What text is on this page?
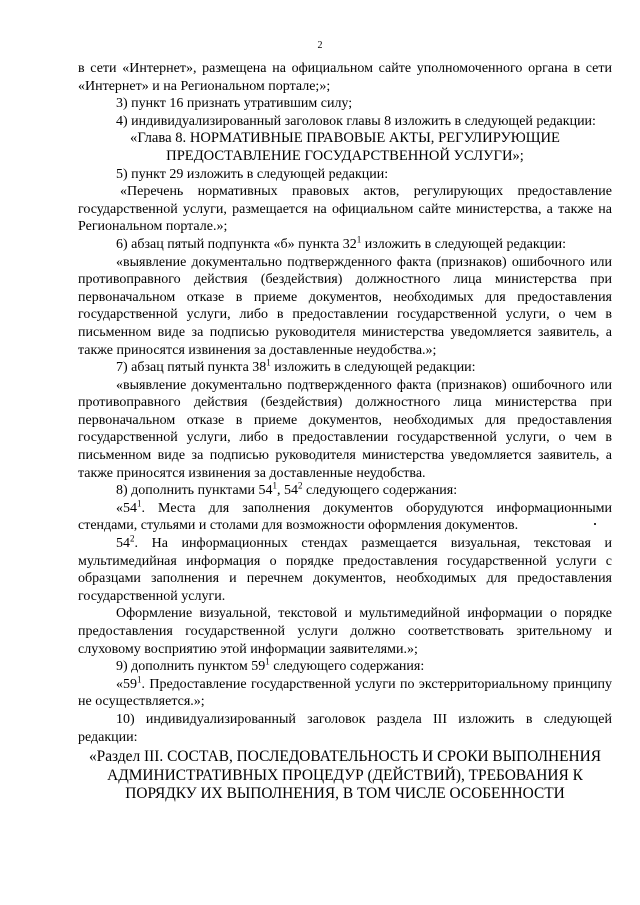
2

в сети «Интернет», размещена на официальном сайте уполномоченного органа в сети «Интернет» и на Региональном портале;»;

3) пункт 16 признать утратившим силу;

4) индивидуализированный заголовок главы 8 изложить в следующей редакции:

«Глава 8. НОРМАТИВНЫЕ ПРАВОВЫЕ АКТЫ, РЕГУЛИРУЮЩИЕ ПРЕДОСТАВЛЕНИЕ ГОСУДАРСТВЕННОЙ УСЛУГИ»;

5) пункт 29 изложить в следующей редакции:

«Перечень нормативных правовых актов, регулирующих предоставление государственной услуги, размещается на официальном сайте министерства, а также на Региональном портале.»;

6) абзац пятый подпункта «б» пункта $32^1$ изложить в следующей редакции:

«выявление документально подтвержденного факта (признаков) ошибочного или противоправного действия (бездействия) должностного лица министерства при первоначальном отказе в приеме документов, необходимых для предоставления государственной услуги, либо в предоставлении государственной услуги, о чем в письменном виде за подписью руководителя министерства уведомляется заявитель, а также приносятся извинения за доставленные неудобства.»;

7) абзац пятый пункта $38^1$ изложить в следующей редакции:

«выявление документально подтвержденного факта (признаков) ошибочного или противоправного действия (бездействия) должностного лица министерства при первоначальном отказе в приеме документов, необходимых для предоставления государственной услуги, либо в предоставлении государственной услуги, о чем в письменном виде за подписью руководителя министерства уведомляется заявитель, а также приносятся извинения за доставленные неудобства.

8) дополнить пунктами $54^1$, $54^2$ следующего содержания:

«$54^1$. Места для заполнения документов оборудуются информационными стендами, стульями и столами для возможности оформления документов.

$54^2$. На информационных стендах размещается визуальная, текстовая и мультимедийная информация о порядке предоставления государственной услуги с образцами заполнения и перечнем документов, необходимых для предоставления государственной услуги.

Оформление визуальной, текстовой и мультимедийной информации о порядке предоставления государственной услуги должно соответствовать зрительному и слуховому восприятию этой информации заявителями.»;

9) дополнить пунктом $59^1$ следующего содержания:

«$59^1$. Предоставление государственной услуги по экстерриториальному принципу не осуществляется.»;

10) индивидуализированный заголовок раздела III изложить в следующей редакции:

«Раздел III. СОСТАВ, ПОСЛЕДОВАТЕЛЬНОСТЬ И СРОКИ ВЫПОЛНЕНИЯ АДМИНИСТРАТИВНЫХ ПРОЦЕДУР (ДЕЙСТВИЙ), ТРЕБОВАНИЯ К ПОРЯДКУ ИХ ВЫПОЛНЕНИЯ, В ТОМ ЧИСЛЕ ОСОБЕННОСТИ
